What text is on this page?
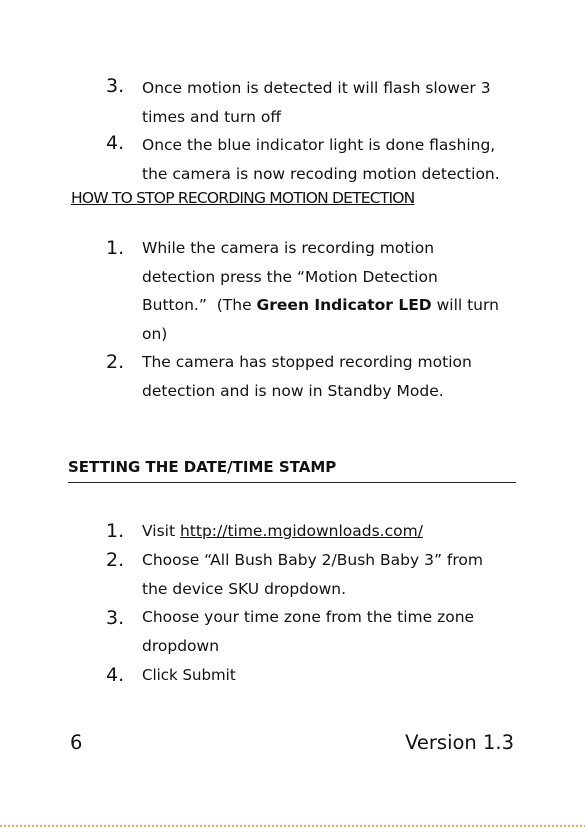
3. Once motion is detected it will flash slower 3
times and turn off
4. Once the blue indicator light is done flashing,
the camera is now recoding motion detection.
HOW TO STOP RECORDING MOTION DETECTION
1. While the camera is recording motion
detection press the “Motion Detection
Button.”  (The Green Indicator LED will turn
on)
2. The camera has stopped recording motion
detection and is now in Standby Mode.
SETTING THE DATE/TIME STAMP
1. Visit http://time.mgidownloads.com/
2. Choose “All Bush Baby 2/Bush Baby 3” from
the device SKU dropdown.
3. Choose your time zone from the time zone
dropdown
4. Click Submit
6	Version 1.3
